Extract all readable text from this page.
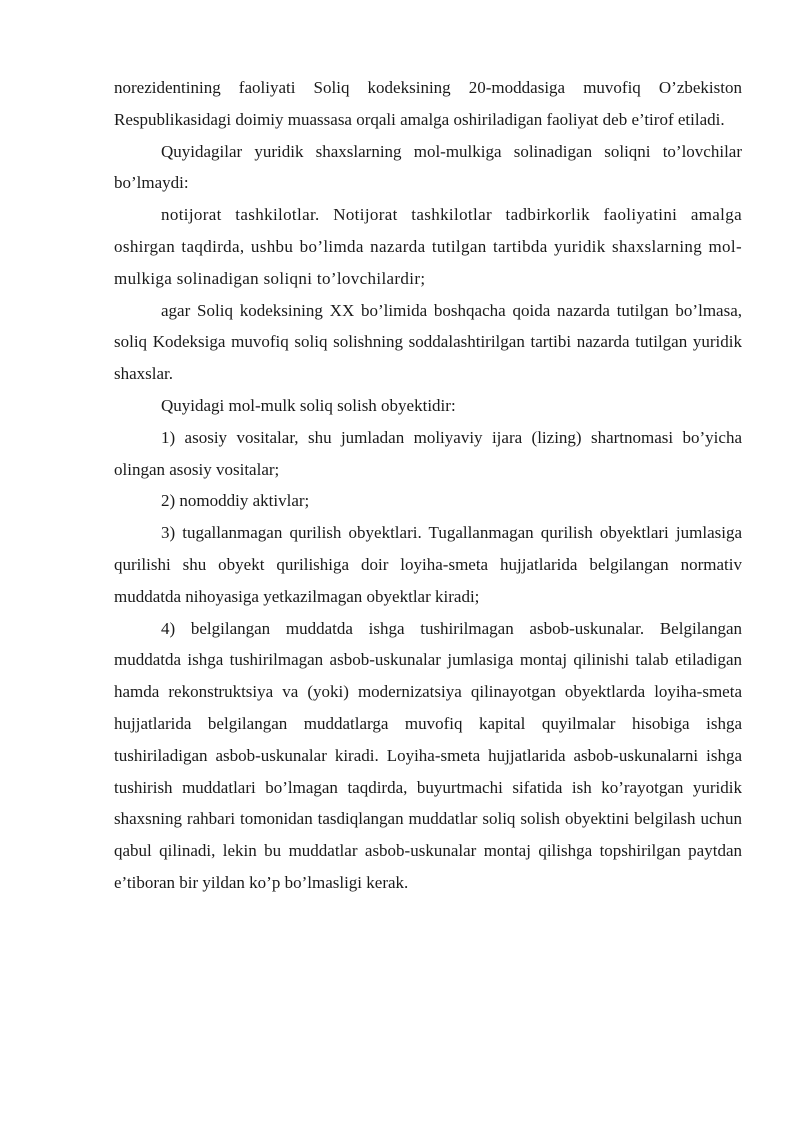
norezidentining faoliyati Soliq kodeksining 20-moddasiga muvofiq O’zbekiston Respublikasidagi doimiy muassasa orqali amalga oshiriladigan faoliyat deb e’tirof etiladi.

Quyidagilar yuridik shaxslarning mol-mulkiga solinadigan soliqni to’lovchilar bo’lmaydi:

notijorat tashkilotlar. Notijorat tashkilotlar tadbirkorlik faoliyatini amalga oshirgan taqdirda, ushbu bo’limda nazarda tutilgan tartibda yuridik shaxslarning mol-mulkiga solinadigan soliqni to’lovchilardir;

agar Soliq kodeksining XX bo’limida boshqacha qoida nazarda tutilgan bo’lmasa, soliq Kodeksiga muvofiq soliq solishning soddalashtirilgan tartibi nazarda tutilgan yuridik shaxslar.

Quyidagi mol-mulk soliq solish obyektidir:

1) asosiy vositalar, shu jumladan moliyaviy ijara (lizing) shartnomasi bo’yicha olingan asosiy vositalar;

2) nomoddiy aktivlar;

3) tugallanmagan qurilish obyektlari. Tugallanmagan qurilish obyektlari jumlasiga qurilishi shu obyekt qurilishiga doir loyiha-smeta hujjatlarida belgilangan normativ muddatda nihoyasiga yetkazilmagan obyektlar kiradi;

4) belgilangan muddatda ishga tushirilmagan asbob-uskunalar. Belgilangan muddatda ishga tushirilmagan asbob-uskunalar jumlasiga montaj qilinishi talab etiladigan hamda rekonstruktsiya va (yoki) modernizatsiya qilinayotgan obyektlarda loyiha-smeta hujjatlarida belgilangan muddatlarga muvofiq kapital quyilmalar hisobiga ishga tushiriladigan asbob-uskunalar kiradi. Loyiha-smeta hujjatlarida asbob-uskunalarni ishga tushirish muddatlari bo’lmagan taqdirda, buyurtmachi sifatida ish ko’rayotgan yuridik shaxsning rahbari tomonidan tasdiqlangan muddatlar soliq solish obyektini belgilash uchun qabul qilinadi, lekin bu muddatlar asbob-uskunalar montaj qilishga topshirilgan paytdan e’tiboran bir yildan ko’p bo’lmasligi kerak.
